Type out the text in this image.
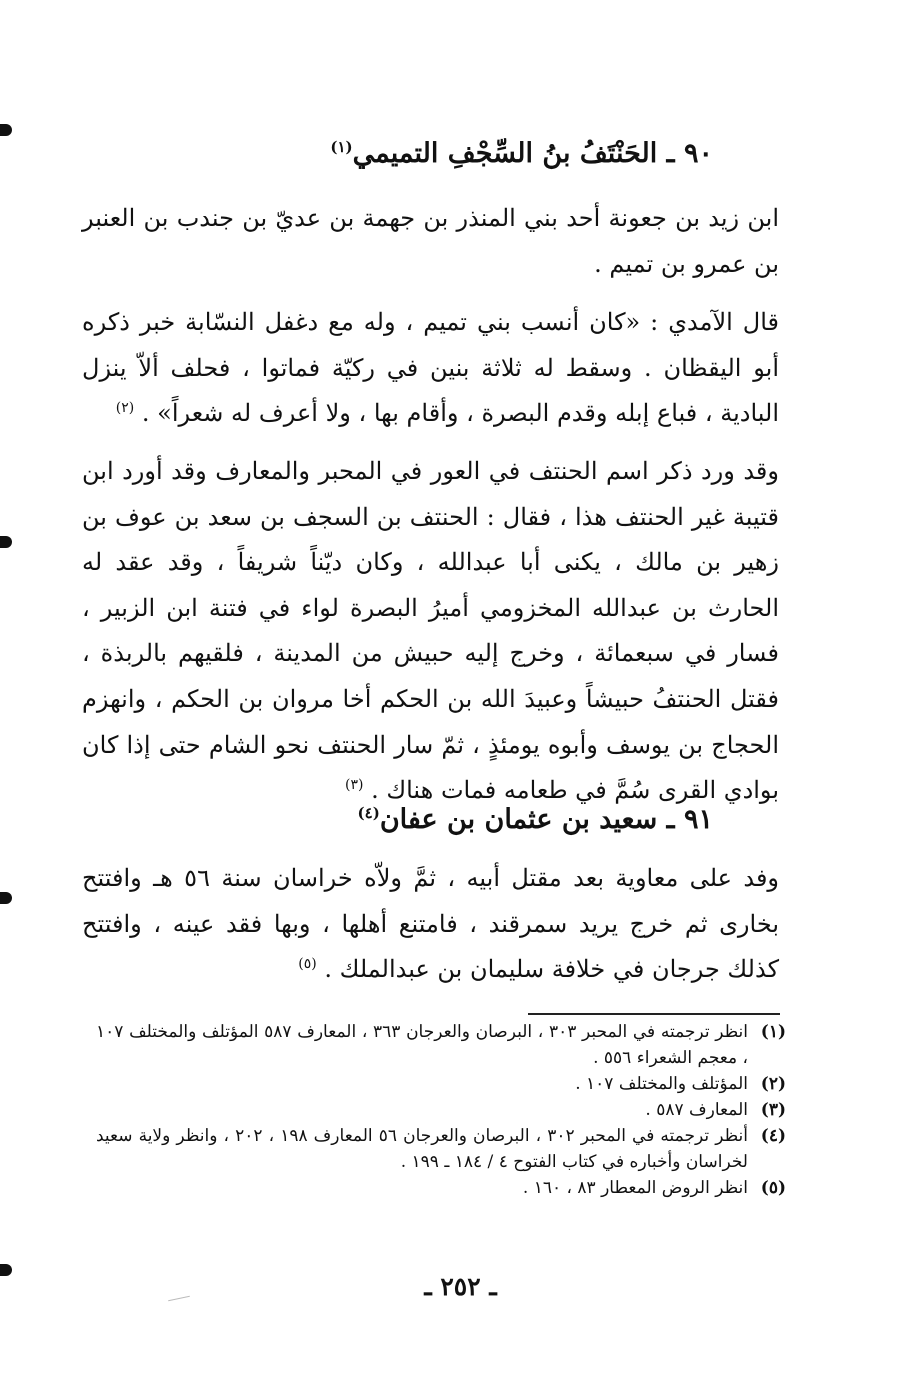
٩٠ ـ الحَنْتَفُ بنُ السِّجْفِ التميمي$^{(١)}$
ابن زيد بن جعونة أحد بني المنذر بن جهمة بن عديّ بن جندب بن العنبر بن عمرو بن تميم .
قال الآمدي : «كان أنسب بني تميم ، وله مع دغفل النسّابة خبر ذكره أبو اليقظان . وسقط له ثلاثة بنين في ركيّة فماتوا ، فحلف ألاّ ينزل البادية ، فباع إبله وقدم البصرة ، وأقام بها ، ولا أعرف له شعراً» . $^{(٢)}$
وقد ورد ذكر اسم الحنتف في العور في المحبر والمعارف وقد أورد ابن قتيبة غير الحنتف هذا ، فقال : الحنتف بن السجف بن سعد بن عوف بن زهير بن مالك ، يكنى أبا عبدالله ، وكان ديّناً شريفاً ، وقد عقد له الحارث بن عبدالله المخزومي أميرُ البصرة لواء في فتنة ابن الزبير ، فسار في سبعمائة ، وخرج إليه حبيش من المدينة ، فلقيهم بالربذة ، فقتل الحنتفُ حبيشاً وعبيدَ الله بن الحكم أخا مروان بن الحكم ، وانهزم الحجاج بن يوسف وأبوه يومئذٍ ، ثمّ سار الحنتف نحو الشام حتى إذا كان بوادي القرى سُمَّ في طعامه فمات هناك . $^{(٣)}$
٩١ ـ سعيد بن عثمان بن عفان$^{(٤)}$
وفد على معاوية بعد مقتل أبيه ، ثمَّ ولاّه خراسان سنة ٥٦ هـ وافتتح بخارى ثم خرج يريد سمرقند ، فامتنع أهلها ، وبها فقد عينه ، وافتتح كذلك جرجان في خلافة سليمان بن عبدالملك . $^{(٥)}$
(١)
انظر ترجمته في المحبر ٣٠٣ ، البرصان والعرجان ٣٦٣ ، المعارف ٥٨٧ المؤتلف والمختلف ١٠٧ ، معجم الشعراء ٥٥٦ .
(٢)
المؤتلف والمختلف ١٠٧ .
(٣)
المعارف ٥٨٧ .
(٤)
أنظر ترجمته في المحبر ٣٠٢ ، البرصان والعرجان ٥٦ المعارف ١٩٨ ، ٢٠٢ ، وانظر ولاية سعيد لخراسان وأخباره في كتاب الفتوح ٤ / ١٨٤ ـ ١٩٩ .
(٥)
انظر الروض المعطار ٨٣ ، ١٦٠ .
ـ ٢٥٢ ـ
